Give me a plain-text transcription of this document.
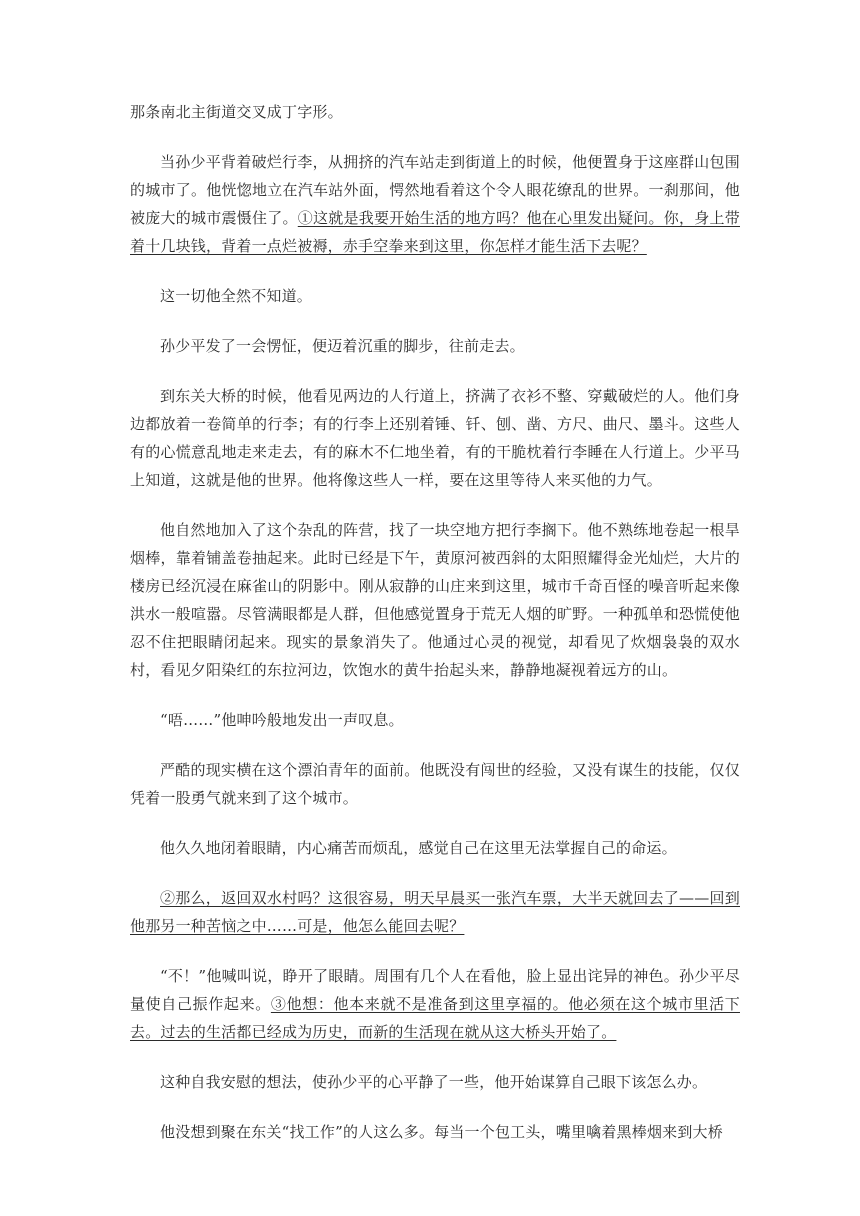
那条南北主街道交叉成丁字形。

当孙少平背着破烂行李，从拥挤的汽车站走到街道上的时候，他便置身于这座群山包围的城市了。他恍惚地立在汽车站外面，愕然地看着这个令人眼花缭乱的世界。一刹那间，他被庞大的城市震慑住了。①这就是我要开始生活的地方吗？他在心里发出疑问。你，身上带着十几块钱，背着一点烂被褥，赤手空拳来到这里，你怎样才能生活下去呢？

这一切他全然不知道。

孙少平发了一会愣怔，便迈着沉重的脚步，往前走去。

到东关大桥的时候，他看见两边的人行道上，挤满了衣衫不整、穿戴破烂的人。他们身边都放着一卷简单的行李；有的行李上还别着锤、钎、刨、凿、方尺、曲尺、墨斗。这些人有的心慌意乱地走来走去，有的麻木不仁地坐着，有的干脆枕着行李睡在人行道上。少平马上知道，这就是他的世界。他将像这些人一样，要在这里等待人来买他的力气。

他自然地加入了这个杂乱的阵营，找了一块空地方把行李搁下。他不熟练地卷起一根旱烟棒，靠着铺盖卷抽起来。此时已经是下午，黄原河被西斜的太阳照耀得金光灿烂，大片的楼房已经沉浸在麻雀山的阴影中。刚从寂静的山庄来到这里，城市千奇百怪的噪音听起来像洪水一般喧嚣。尽管满眼都是人群，但他感觉置身于荒无人烟的旷野。一种孤单和恐慌使他忍不住把眼睛闭起来。现实的景象消失了。他通过心灵的视觉，却看见了炊烟袅袅的双水村，看见夕阳染红的东拉河边，饮饱水的黄牛抬起头来，静静地凝视着远方的山。

“唔……”他呻吟般地发出一声叹息。

严酷的现实横在这个漂泊青年的面前。他既没有闯世的经验，又没有谋生的技能，仅仅凭着一股勇气就来到了这个城市。

他久久地闭着眼睛，内心痛苦而烦乱，感觉自己在这里无法掌握自己的命运。

②那么，返回双水村吗？这很容易，明天早晨买一张汽车票，大半天就回去了——回到他那另一种苦恼之中……可是，他怎么能回去呢？

“不！”他喊叫说，睁开了眼睛。周围有几个人在看他，脸上显出诧异的神色。孙少平尽量使自己振作起来。③他想：他本来就不是准备到这里享福的。他必须在这个城市里活下去。过去的生活都已经成为历史，而新的生活现在就从这大桥头开始了。

这种自我安慰的想法，使孙少平的心平静了一些，他开始谋算自己眼下该怎么办。

他没想到聚在东关“找工作”的人这么多。每当一个包工头，嘴里噙着黑棒烟来到大桥
